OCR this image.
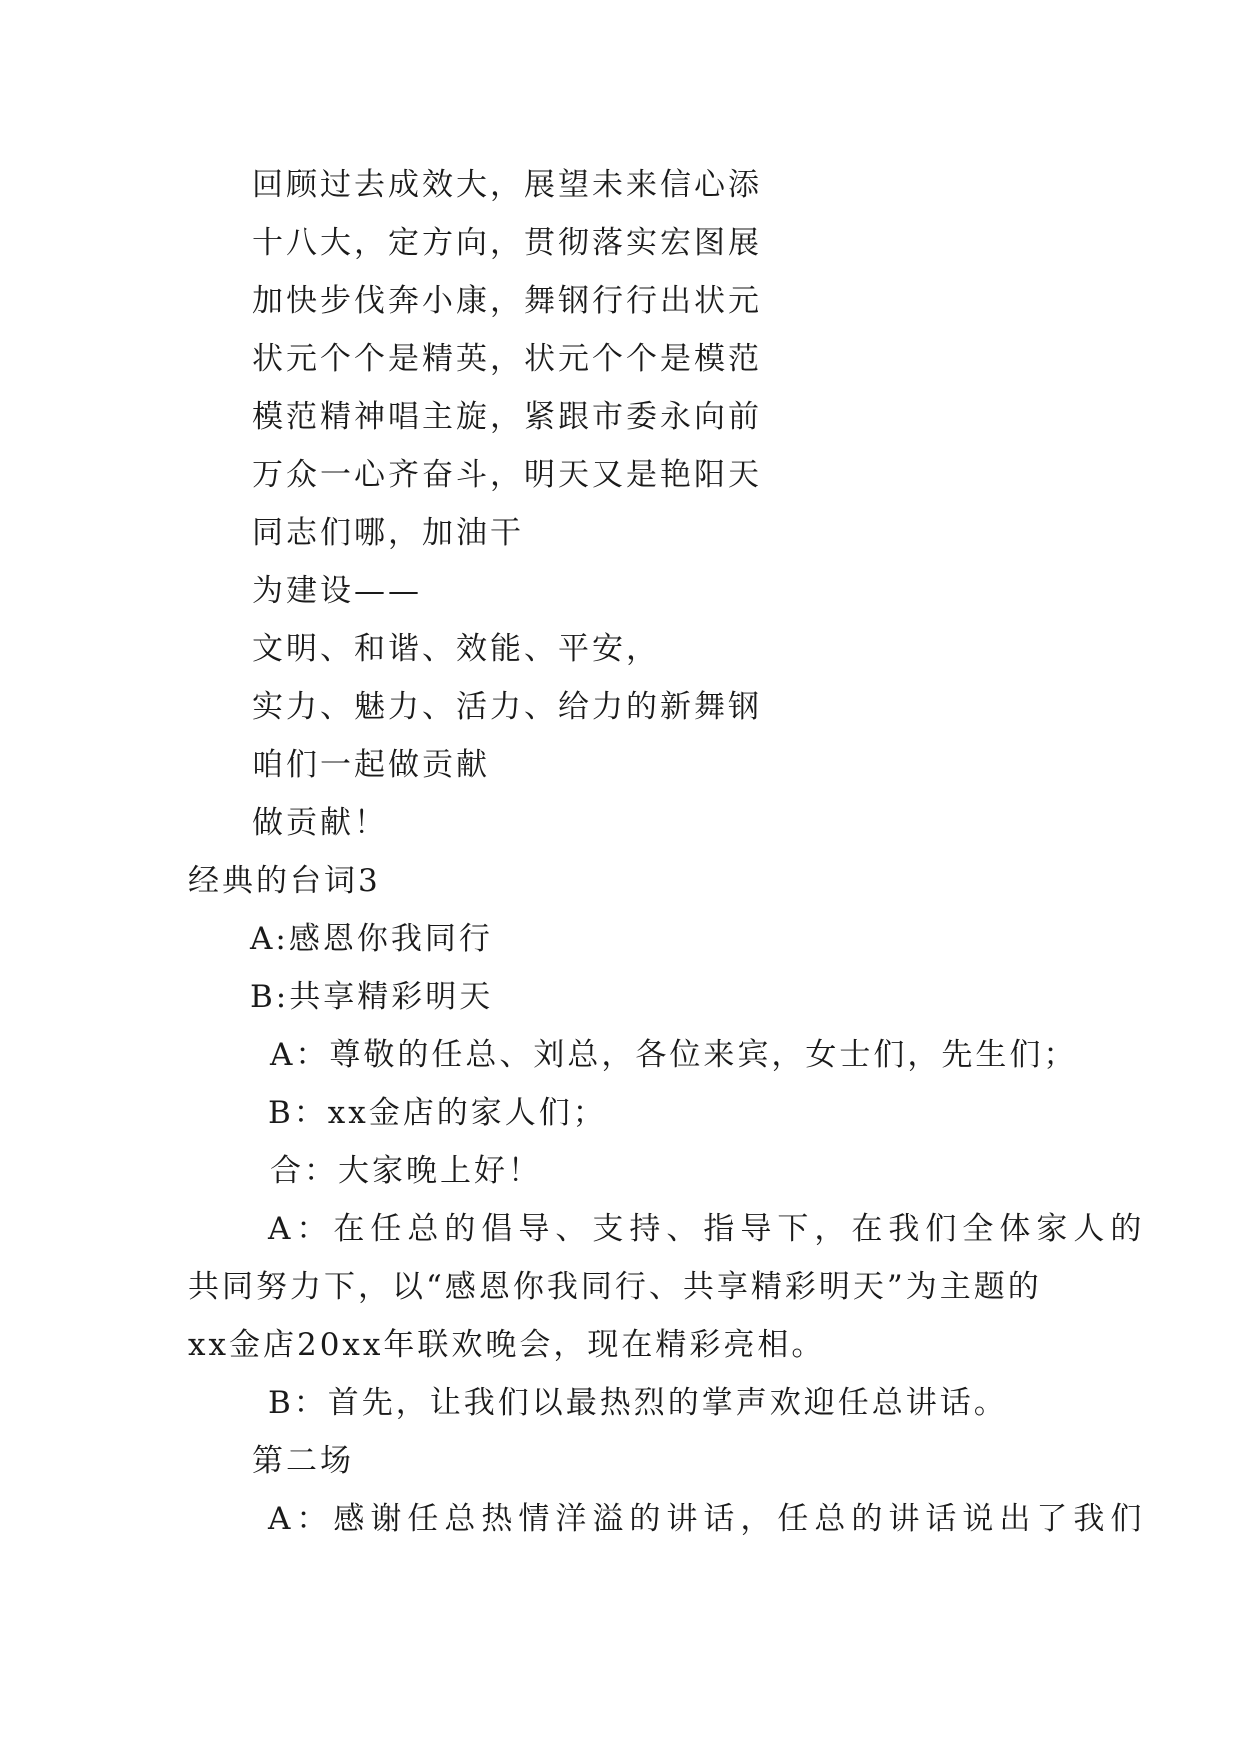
回顾过去成效大，展望未来信心添
十八大，定方向，贯彻落实宏图展
加快步伐奔小康，舞钢行行出状元
状元个个是精英，状元个个是模范
模范精神唱主旋，紧跟市委永向前
万众一心齐奋斗，明天又是艳阳天
同志们哪，加油干
为建设——
文明、和谐、效能、平安，
实力、魅力、活力、给力的新舞钢
咱们一起做贡献
做贡献！
经典的台词3
A:感恩你我同行
B:共享精彩明天
A：尊敬的任总、刘总，各位来宾，女士们，先生们；
B：xx金店的家人们；
合：大家晚上好！
A：在任总的倡导、支持、指导下，在我们全体家人的
共同努力下，以“感恩你我同行、共享精彩明天”为主题的
xx金店20xx年联欢晚会，现在精彩亮相。
B：首先，让我们以最热烈的掌声欢迎任总讲话。
第二场
A：感谢任总热情洋溢的讲话，任总的讲话说出了我们
